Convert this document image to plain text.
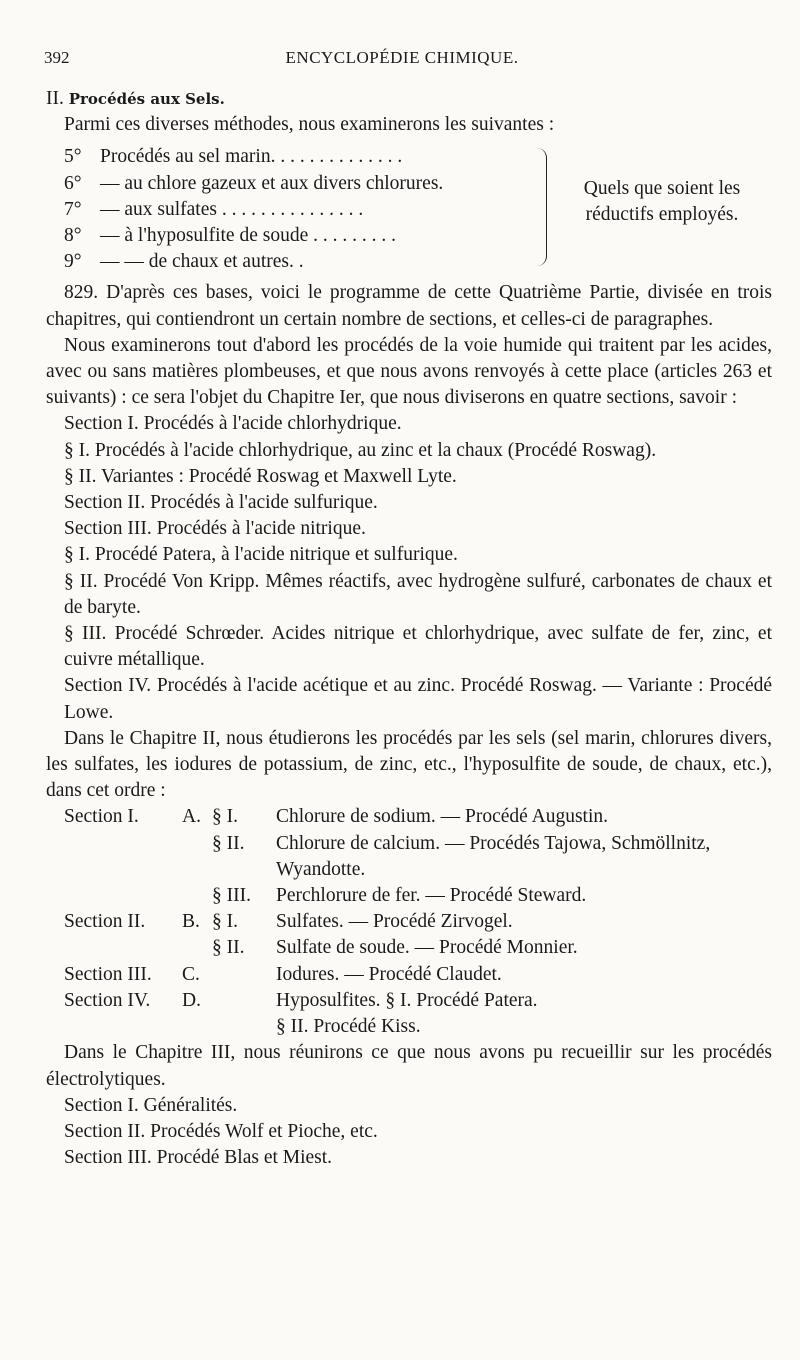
392	ENCYCLOPÉDIE CHIMIQUE.

II. Procédés aux Sels.

Parmi ces diverses méthodes, nous examinerons les suivantes :

5° Procédés au sel marin. . . . . . . . . . . . . .
6° — au chlore gazeux et aux divers chlorures.
7° — aux sulfates . . . . . . . . . . . . . . .
8° — à l'hyposulfite de soude . . . . . . . . .
9° — — de chaux et autres. .
Quels que soient les réductifs employés.

829. D'après ces bases, voici le programme de cette Quatrième Partie, divisée en trois chapitres, qui contiendront un certain nombre de sections, et celles-ci de paragraphes.

Nous examinerons tout d'abord les procédés de la voie humide qui traitent par les acides, avec ou sans matières plombeuses, et que nous avons renvoyés à cette place (articles 263 et suivants) : ce sera l'objet du Chapitre Ier, que nous diviserons en quatre sections, savoir :

Section I. Procédés à l'acide chlorhydrique.

§ I. Procédés à l'acide chlorhydrique, au zinc et la chaux (Procédé Roswag).

§ II. Variantes : Procédé Roswag et Maxwell Lyte.

Section II. Procédés à l'acide sulfurique.

Section III. Procédés à l'acide nitrique.

§ I. Procédé Patera, à l'acide nitrique et sulfurique.

§ II. Procédé Von Kripp. Mêmes réactifs, avec hydrogène sulfuré, carbonates de chaux et de baryte.

§ III. Procédé Schrœder. Acides nitrique et chlorhydrique, avec sulfate de fer, zinc, et cuivre métallique.

Section IV. Procédés à l'acide acétique et au zinc. Procédé Roswag. — Variante : Procédé Lowe.

Dans le Chapitre II, nous étudierons les procédés par les sels (sel marin, chlorures divers, les sulfates, les iodures de potassium, de zinc, etc., l'hyposulfite de soude, de chaux, etc.), dans cet ordre :

Section I.	A. § I. Chlorure de sodium. — Procédé Augustin.
§ II. Chlorure de calcium. — Procédés Tajowa, Schmöllnitz, Wyandotte.
§ III. Perchlorure de fer. — Procédé Steward.
Section II.	B. § I. Sulfates. — Procédé Zirvogel.
§ II. Sulfate de soude. — Procédé Monnier.
Section III.	C.	Iodures. — Procédé Claudet.
Section IV.	D.	Hyposulfites. § I. Procédé Patera.
§ II. Procédé Kiss.

Dans le Chapitre III, nous réunirons ce que nous avons pu recueillir sur les procédés électrolytiques.

Section I. Généralités.

Section II. Procédés Wolf et Pioche, etc.

Section III. Procédé Blas et Miest.
